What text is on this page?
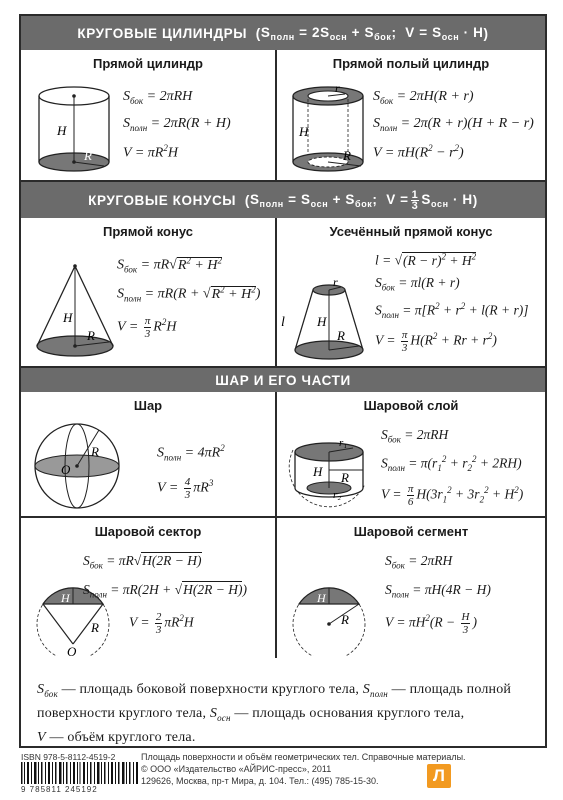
КРУГОВЫЕ ЦИЛИНДРЫ ( $S_{полн} = 2S_{осн} + S_{бок}$;  $V = S_{осн} \cdot H$ )
Прямой цилиндр
H
R
$S_{бок} = 2\pi RH$
$S_{полн} = 2\pi R(R + H)$
$V = \pi R^2H$
Прямой полый цилиндр
H
r
R
$S_{бок} = 2\pi H(R + r)$
$S_{полн} = 2\pi(R + r)(H + R - r)$
$V = \pi H(R^2 - r^2)$
КРУГОВЫЕ КОНУСЫ ( $S_{полн} = S_{осн} + S_{бок}$;  $V = \frac{1}{3} S_{осн} \cdot H$ )
Прямой конус
H
R
$S_{бок} = \pi R√R^2 + H^2$
$S_{полн} = \pi R(R + √R^2 + H^2)$
$V = \frac{\pi}{3} R^2H$
Усечённый прямой конус
l H
r
R
$l = √(R - r)^2 + H^2$
$S_{бок} = \pi l(R + r)$
$S_{полн} = \pi[R^2 + r^2 + l(R + r)]$
$V = \frac{\pi}{3} H(R^2 + Rr + r^2)$
ШАР И ЕГО ЧАСТИ
Шар
O
R	$S_{полн} = 4\pi R^2$
$V = \frac{4}{3} \pi R^3$
Шаровой слой
H R
r₁
r₂
$S_{бок} = 2\pi RH$
$S_{полн} = \pi(r_1^2 + r_2^2 + 2RH)$
$V = \frac{\pi}{6} H(3r_1^2 + 3r_2^2 + H^2)$
Шаровой сектор
H
R
O
$S_{бок} = \pi R√H(2R - H)$
$S_{полн} = \pi R(2H + √H(2R - H))$
$V = \frac{2}{3} \pi R^2H$
Шаровой сегмент
H
R
$S_{бок} = 2\pi RH$
$S_{полн} = \pi H(4R - H)$
$V = \pi H^2(R - \frac{H}{3}$ )
$S_{бок}$ — площадь боковой поверхности круглого тела, $S_{полн}$ — площадь полной поверхности круглого тела, $S_{осн}$ — площадь основания круглого тела,
V — объём круглого тела.
ISBN 978-5-8112-4519-2
9 785811 245192
Площадь поверхности и объём геометрических тел. Справочные материалы.
© ООО «Издательство «АЙРИС-пресс», 2011
129626, Москва, пр-т Мира, д. 104. Тел.: (495) 785-15-30.	Л
